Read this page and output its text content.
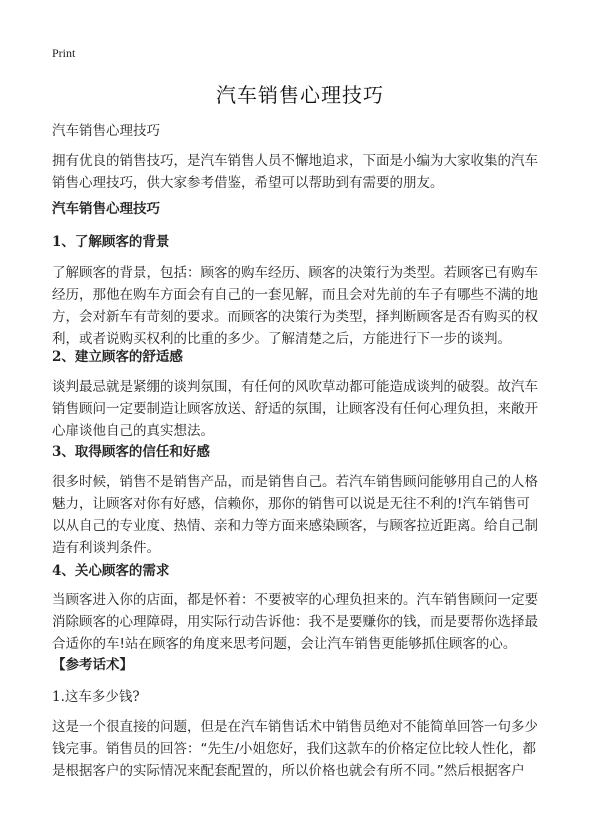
Print
汽车销售心理技巧
汽车销售心理技巧
拥有优良的销售技巧，是汽车销售人员不懈地追求，下面是小编为大家收集的汽车
销售心理技巧，供大家参考借鉴，希望可以帮助到有需要的朋友。
汽车销售心理技巧
1、了解顾客的背景
了解顾客的背景，包括：顾客的购车经历、顾客的决策行为类型。若顾客已有购车
经历，那他在购车方面会有自己的一套见解，而且会对先前的车子有哪些不满的地
方，会对新车有苛刻的要求。而顾客的决策行为类型，择判断顾客是否有购买的权
利，或者说购买权利的比重的多少。了解清楚之后，方能进行下一步的谈判。
2、建立顾客的舒适感
谈判最忌就是紧绷的谈判氛围，有任何的风吹草动都可能造成谈判的破裂。故汽车
销售顾问一定要制造让顾客放送、舒适的氛围，让顾客没有任何心理负担，来敞开
心扉谈他自己的真实想法。
3、取得顾客的信任和好感
很多时候，销售不是销售产品，而是销售自己。若汽车销售顾问能够用自己的人格
魅力，让顾客对你有好感，信赖你，那你的销售可以说是无往不利的!汽车销售可
以从自己的专业度、热情、亲和力等方面来感染顾客，与顾客拉近距离。给自己制
造有利谈判条件。
4、关心顾客的需求
当顾客进入你的店面，都是怀着：不要被宰的心理负担来的。汽车销售顾问一定要
消除顾客的心理障碍，用实际行动告诉他：我不是要赚你的钱，而是要帮你选择最
合适你的车!站在顾客的角度来思考问题，会让汽车销售更能够抓住顾客的心。
【参考话术】
1.这车多少钱?
这是一个很直接的问题，但是在汽车销售话术中销售员绝对不能简单回答一句多少
钱完事。销售员的回答：“先生/小姐您好，我们这款车的价格定位比较人性化，都
是根据客户的实际情况来配套配置的，所以价格也就会有所不同。”然后根据客户
